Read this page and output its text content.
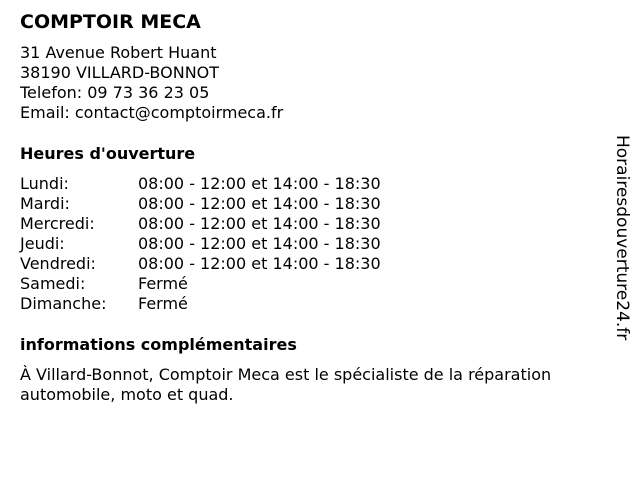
COMPTOIR MECA
31 Avenue Robert Huant
38190 VILLARD-BONNOT
Telefon: 09 73 36 23 05
Email: contact@comptoirmeca.fr
Heures d'ouverture
Lundi:	08:00 - 12:00 et 14:00 - 18:30
Mardi:	08:00 - 12:00 et 14:00 - 18:30
Mercredi:	08:00 - 12:00 et 14:00 - 18:30
Jeudi:	08:00 - 12:00 et 14:00 - 18:30
Vendredi:	08:00 - 12:00 et 14:00 - 18:30
Samedi:	Fermé
Dimanche: Fermé
informations complémentaires
À Villard-Bonnot, Comptoir Meca est le spécialiste de la réparation automobile, moto et quad.
Horairesdouverture24.fr
